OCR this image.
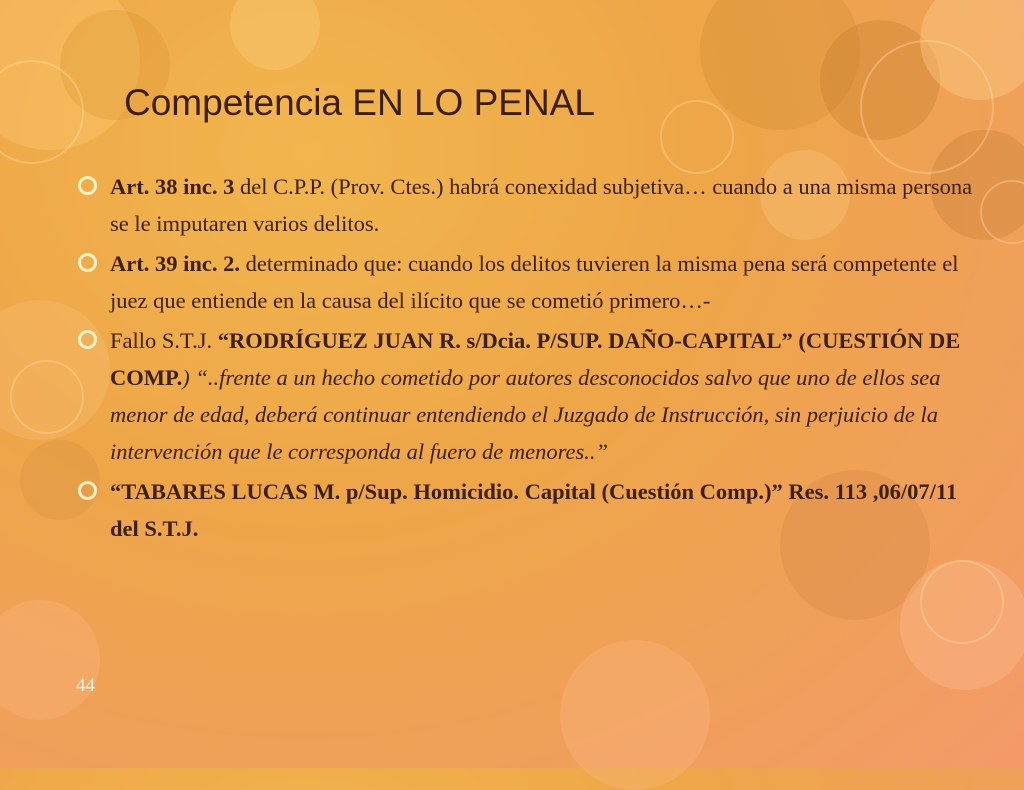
Competencia EN LO PENAL
Art. 38 inc. 3 del C.P.P. (Prov. Ctes.) habrá conexidad subjetiva… cuando a una misma persona se le imputaren varios delitos.
Art. 39 inc. 2. determinado que: cuando los delitos tuvieren la misma pena será competente el juez que entiende en la causa del ilícito que se cometió primero…-
Fallo S.T.J. “RODRÍGUEZ JUAN R. s/Dcia. P/SUP. DAÑO-CAPITAL” (CUESTIÓN DE COMP.) “..frente a un hecho cometido por autores desconocidos salvo que uno de ellos sea menor de edad, deberá continuar entendiendo el Juzgado de Instrucción, sin perjuicio de la intervención que le corresponda al fuero de menores..”
“TABARES LUCAS M. p/Sup. Homicidio. Capital (Cuestión Comp.)” Res. 113 ,06/07/11 del S.T.J.
44
